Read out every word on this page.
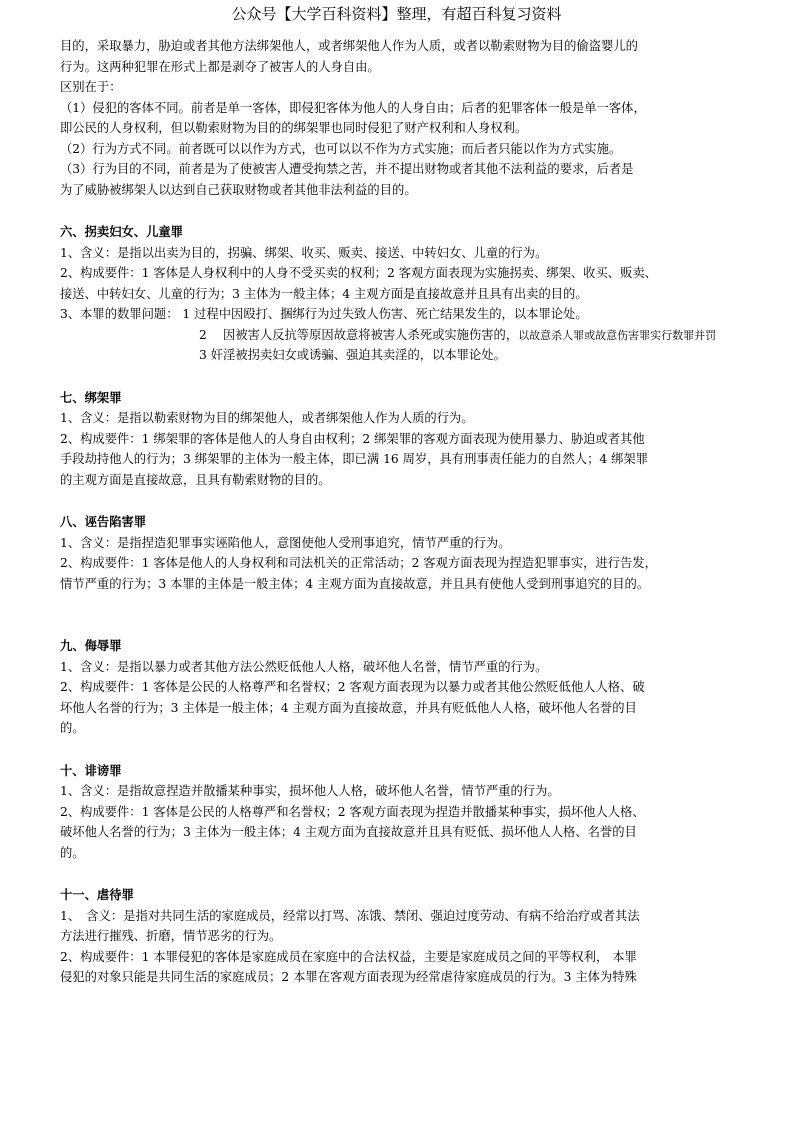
公众号【大学百科资料】整理，有超百科复习资料
目的，采取暴力，胁迫或者其他方法绑架他人，或者绑架他人作为人质，或者以勒索财物为目的偷盗婴儿的
行为。这两种犯罪在形式上都是剥夺了被害人的人身自由。
区别在于：
（1）侵犯的客体不同。前者是单一客体，即侵犯客体为他人的人身自由；后者的犯罪客体一般是单一客体，
即公民的人身权利，但以勒索财物为目的的绑架罪也同时侵犯了财产权利和人身权利。
（2）行为方式不同。前者既可以以作为方式，也可以以不作为方式实施；而后者只能以作为方式实施。
（3）行为目的不同，前者是为了使被害人遭受拘禁之苦，并不提出财物或者其他不法利益的要求，后者是
为了威胁被绑架人以达到自己获取财物或者其他非法利益的目的。
六、拐卖妇女、儿童罪
1、含义：是指以出卖为目的，拐骗、绑架、收买、贩卖、接送、中转妇女、儿童的行为。
2、构成要件：1 客体是人身权利中的人身不受买卖的权利；2 客观方面表现为实施拐卖、绑架、收买、贩卖、
接送、中转妇女、儿童的行为；3 主体为一般主体；4 主观方面是直接故意并且具有出卖的目的。
3、本罪的数罪问题： 1 过程中因殴打、捆绑行为过失致人伤害、死亡结果发生的，以本罪论处。
2 　因被害人反抗等原因故意将被害人杀死或实施伤害的，以故意杀人罪或故意伤害罪实行数罪并罚
3 奸淫被拐卖妇女或诱骗、强迫其卖淫的，以本罪论处。
七、绑架罪
1、含义：是指以勒索财物为目的绑架他人，或者绑架他人作为人质的行为。
2、构成要件：1 绑架罪的客体是他人的人身自由权利；2 绑架罪的客观方面表现为使用暴力、胁迫或者其他
手段劫持他人的行为；3 绑架罪的主体为一般主体，即已满 16 周岁，具有刑事责任能力的自然人；4 绑架罪
的主观方面是直接故意，且具有勒索财物的目的。
八、诬告陷害罪
1、含义：是指捏造犯罪事实诬陷他人，意图使他人受刑事追究，情节严重的行为。
2、构成要件：1 客体是他人的人身权利和司法机关的正常活动；2 客观方面表现为捏造犯罪事实，进行告发，
情节严重的行为；3 本罪的主体是一般主体；4 主观方面为直接故意，并且具有使他人受到刑事追究的目的。
九、侮辱罪
1、含义：是指以暴力或者其他方法公然贬低他人人格，破坏他人名誉，情节严重的行为。
2、构成要件：1 客体是公民的人格尊严和名誉权；2 客观方面表现为以暴力或者其他公然贬低他人人格、破
坏他人名誉的行为；3 主体是一般主体；4 主观方面为直接故意，并具有贬低他人人格，破坏他人名誉的目
的。
十、诽谤罪
1、含义：是指故意捏造并散播某种事实，损坏他人人格，破坏他人名誉，情节严重的行为。
2、构成要件：1 客体是公民的人格尊严和名誉权；2 客观方面表现为捏造并散播某种事实，损坏他人人格、
破坏他人名誉的行为；3 主体为一般主体；4 主观方面为直接故意并且具有贬低、损坏他人人格、名誉的目
的。
十一、虐待罪
1、　含义：是指对共同生活的家庭成员，经常以打骂、冻饿、禁闭、强迫过度劳动、有病不给治疗或者其法
方法进行摧残、折磨，情节恶劣的行为。
2、构成要件：1 本罪侵犯的客体是家庭成员在家庭中的合法权益，主要是家庭成员之间的平等权利， 本罪
侵犯的对象只能是共同生活的家庭成员；2 本罪在客观方面表现为经常虐待家庭成员的行为。3 主体为特殊
